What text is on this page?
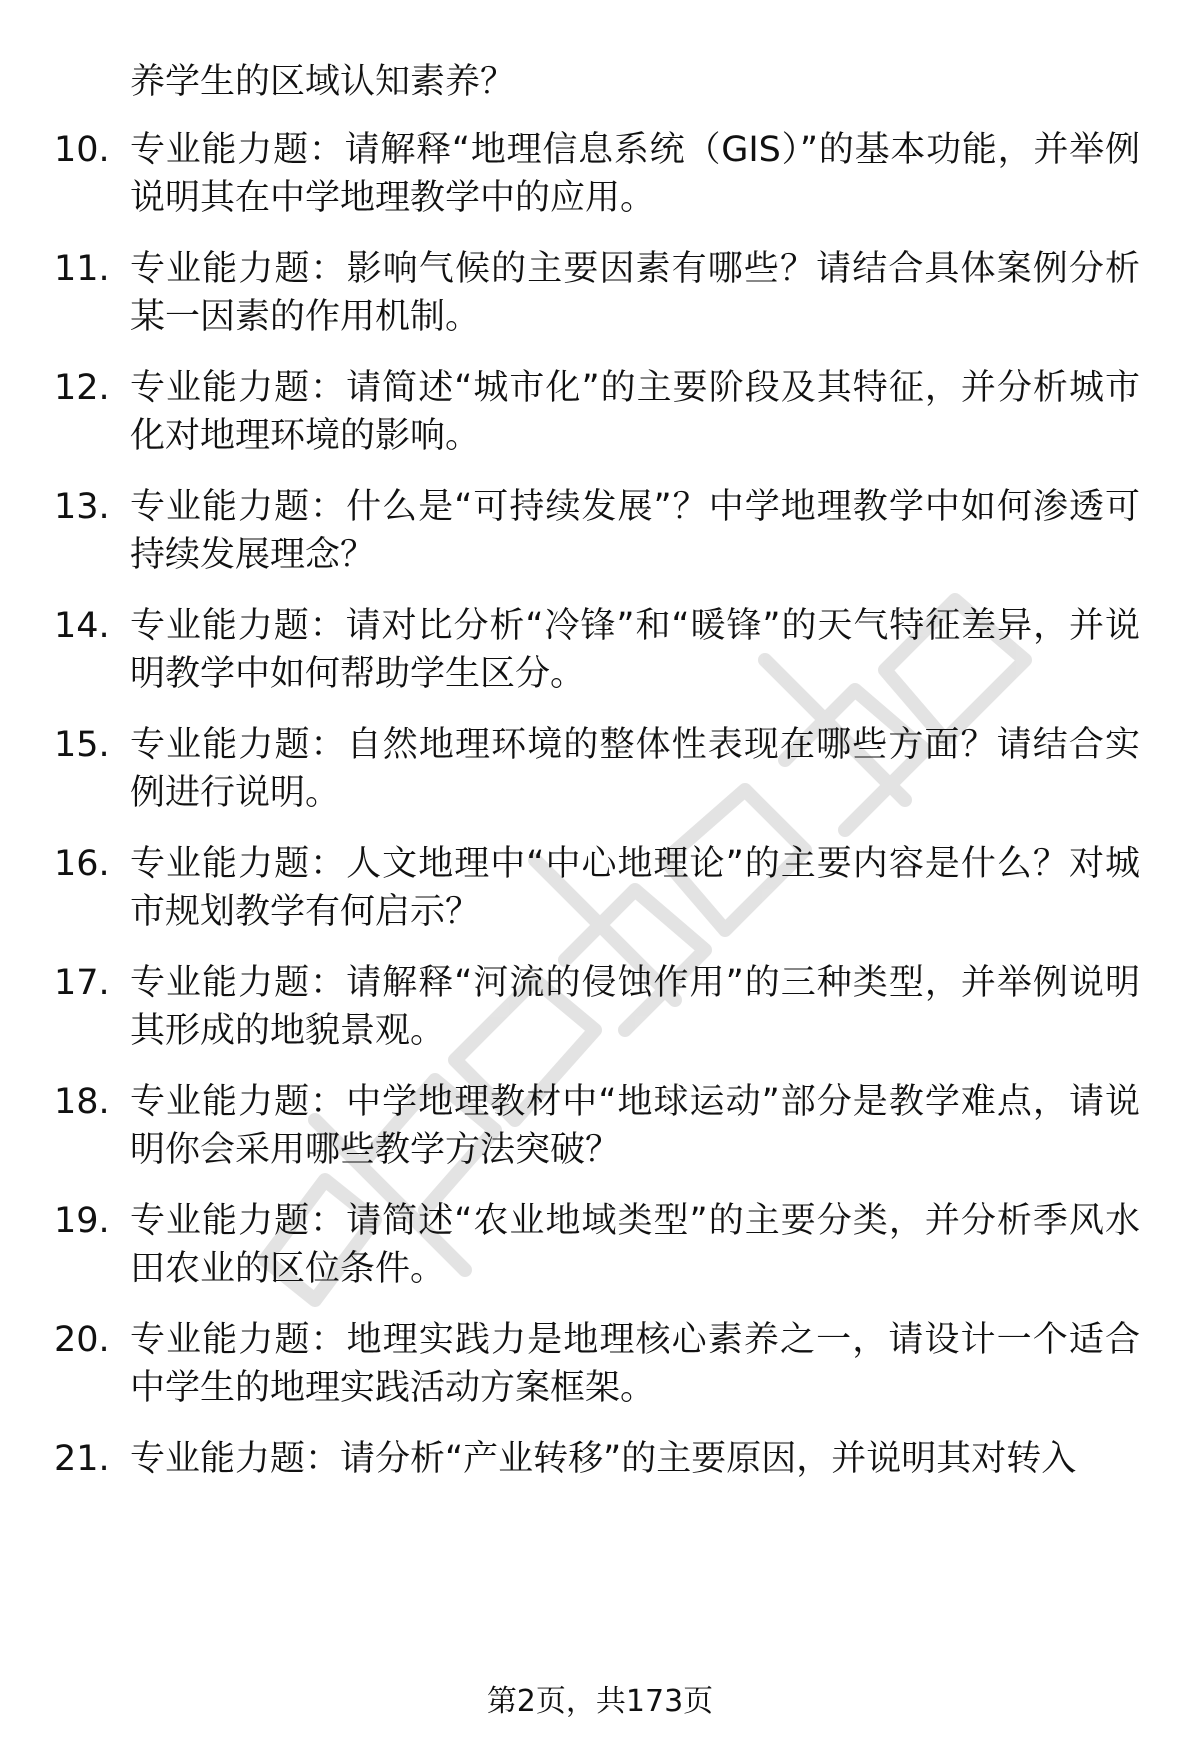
养学生的区域认知素养？
10. 专业能力题：请解释“地理信息系统（GIS）”的基本功能，并举例说明其在中学地理教学中的应用。
11. 专业能力题：影响气候的主要因素有哪些？请结合具体案例分析某一因素的作用机制。
12. 专业能力题：请简述“城市化”的主要阶段及其特征，并分析城市化对地理环境的影响。
13. 专业能力题：什么是“可持续发展”？中学地理教学中如何渗透可持续发展理念？
14. 专业能力题：请对比分析“冷锋”和“暖锋”的天气特征差异，并说明教学中如何帮助学生区分。
15. 专业能力题：自然地理环境的整体性表现在哪些方面？请结合实例进行说明。
16. 专业能力题：人文地理中“中心地理论”的主要内容是什么？对城市规划教学有何启示？
17. 专业能力题：请解释“河流的侵蚀作用”的三种类型，并举例说明其形成的地貌景观。
18. 专业能力题：中学地理教材中“地球运动”部分是教学难点，请说明你会采用哪些教学方法突破？
19. 专业能力题：请简述“农业地域类型”的主要分类，并分析季风水田农业的区位条件。
20. 专业能力题：地理实践力是地理核心素养之一，请设计一个适合中学生的地理实践活动方案框架。
21. 专业能力题：请分析“产业转移”的主要原因，并说明其对转入
第2页，共173页
